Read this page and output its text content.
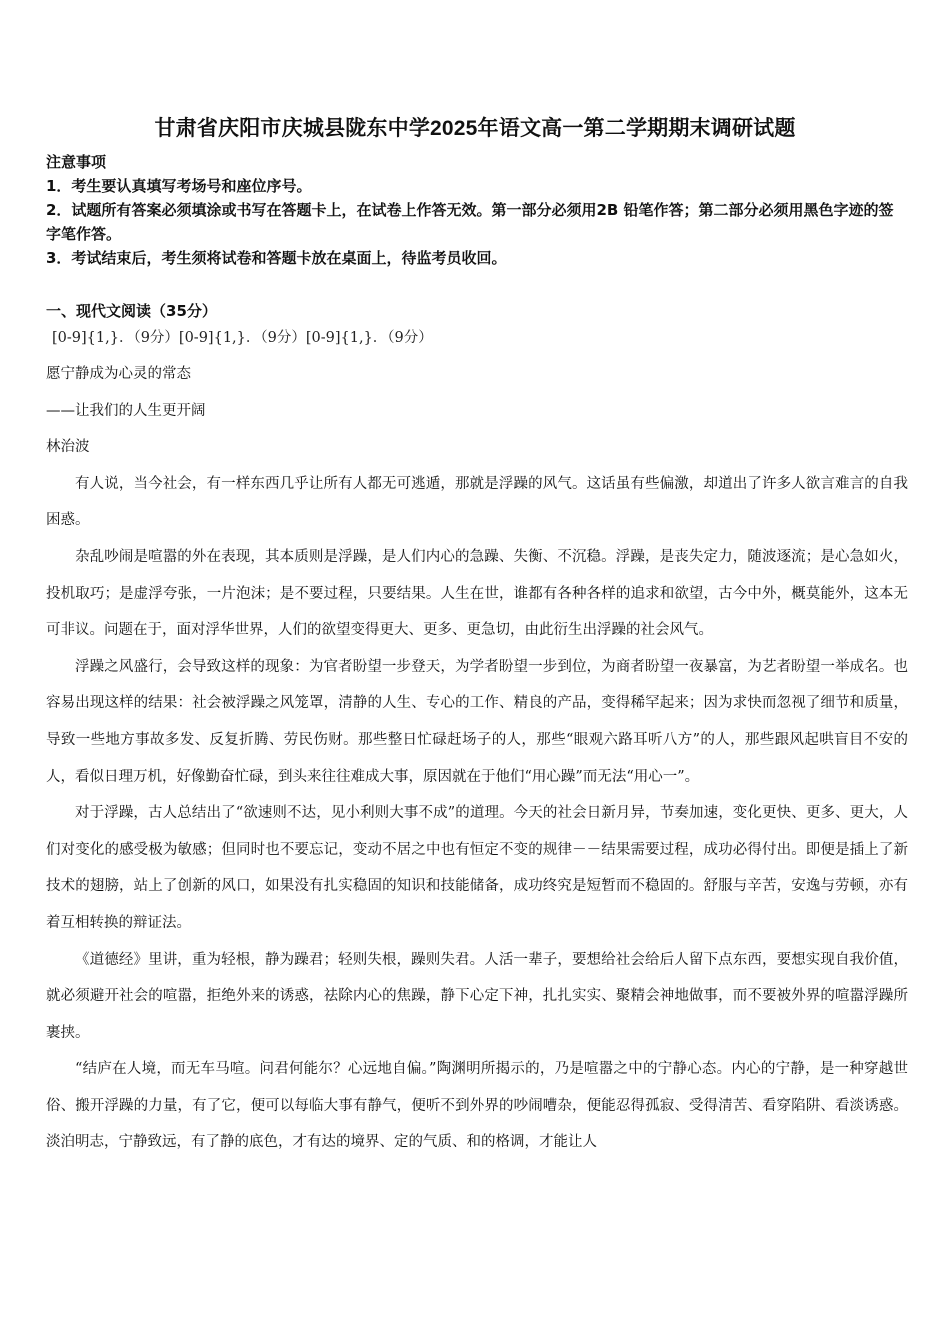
甘肃省庆阳市庆城县陇东中学2025年语文高一第二学期期末调研试题

注意事项

1．考生要认真填写考场号和座位序号。

2．试题所有答案必须填涂或书写在答题卡上，在试卷上作答无效。第一部分必须用2B 铅笔作答；第二部分必须用黑色字迹的签字笔作答。

3．考试结束后，考生须将试卷和答题卡放在桌面上，待监考员收回。

一、现代文阅读（35分）
[0-9]{1,}．（9分）[0-9]{1,}．（9分）[0-9]{1,}．（9分）

愿宁静成为心灵的常态

——让我们的人生更开阔

林治波

有人说，当今社会，有一样东西几乎让所有人都无可逃遁，那就是浮躁的风气。这话虽有些偏激，却道出了许多人欲言难言的自我困惑。

杂乱吵闹是喧嚣的外在表现，其本质则是浮躁，是人们内心的急躁、失衡、不沉稳。浮躁，是丧失定力，随波逐流；是心急如火，投机取巧；是虚浮夸张，一片泡沫；是不要过程，只要结果。人生在世，谁都有各种各样的追求和欲望，古今中外，概莫能外，这本无可非议。问题在于，面对浮华世界，人们的欲望变得更大、更多、更急切，由此衍生出浮躁的社会风气。

浮躁之风盛行，会导致这样的现象：为官者盼望一步登天，为学者盼望一步到位，为商者盼望一夜暴富，为艺者盼望一举成名。也容易出现这样的结果：社会被浮躁之风笼罩，清静的人生、专心的工作、精良的产品，变得稀罕起来；因为求快而忽视了细节和质量，导致一些地方事故多发、反复折腾、劳民伤财。那些整日忙碌赶场子的人，那些“眼观六路耳听八方”的人，那些跟风起哄盲目不安的人，看似日理万机，好像勤奋忙碌，到头来往往难成大事，原因就在于他们“用心躁”而无法“用心一”。

对于浮躁，古人总结出了“欲速则不达，见小利则大事不成”的道理。今天的社会日新月异，节奏加速，变化更快、更多、更大，人们对变化的感受极为敏感；但同时也不要忘记，变动不居之中也有恒定不变的规律－－结果需要过程，成功必得付出。即便是插上了新技术的翅膀，站上了创新的风口，如果没有扎实稳固的知识和技能储备，成功终究是短暂而不稳固的。舒服与辛苦，安逸与劳顿，亦有着互相转换的辩证法。

《道德经》里讲，重为轻根，静为躁君；轻则失根，躁则失君。人活一辈子，要想给社会给后人留下点东西，要想实现自我价值，就必须避开社会的喧嚣，拒绝外来的诱惑，祛除内心的焦躁，静下心定下神，扎扎实实、聚精会神地做事，而不要被外界的喧嚣浮躁所裹挟。

“结庐在人境，而无车马喧。问君何能尔？心远地自偏。”陶渊明所揭示的，乃是喧嚣之中的宁静心态。内心的宁静，是一种穿越世俗、搬开浮躁的力量，有了它，便可以每临大事有静气，便听不到外界的吵闹嘈杂，便能忍得孤寂、受得清苦、看穿陷阱、看淡诱惑。淡泊明志，宁静致远，有了静的底色，才有达的境界、定的气质、和的格调，才能让人
